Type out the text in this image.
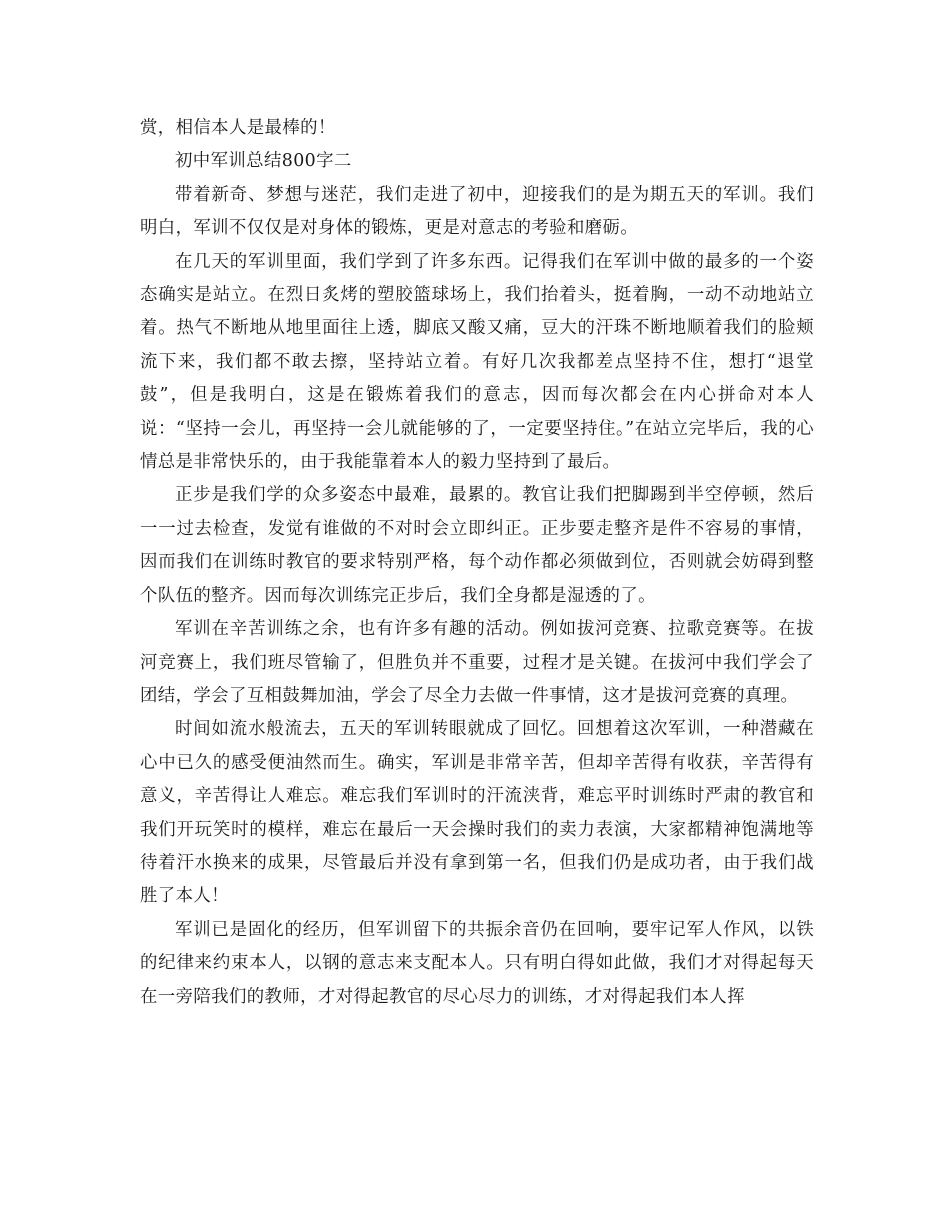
赏，相信本人是最棒的！

初中军训总结800字二

带着新奇、梦想与迷茫，我们走进了初中，迎接我们的是为期五天的军训。我们明白，军训不仅仅是对身体的锻炼，更是对意志的考验和磨砺。

在几天的军训里面，我们学到了许多东西。记得我们在军训中做的最多的一个姿态确实是站立。在烈日炙烤的塑胶篮球场上，我们抬着头，挺着胸，一动不动地站立着。热气不断地从地里面往上透，脚底又酸又痛，豆大的汗珠不断地顺着我们的脸颊流下来，我们都不敢去擦，坚持站立着。有好几次我都差点坚持不住，想打“退堂鼓”，但是我明白，这是在锻炼着我们的意志，因而每次都会在内心拼命对本人说：“坚持一会儿，再坚持一会儿就能够的了，一定要坚持住。”在站立完毕后，我的心情总是非常快乐的，由于我能靠着本人的毅力坚持到了最后。

正步是我们学的众多姿态中最难，最累的。教官让我们把脚踢到半空停顿，然后一一过去检查，发觉有谁做的不对时会立即纠正。正步要走整齐是件不容易的事情，因而我们在训练时教官的要求特别严格，每个动作都必须做到位，否则就会妨碍到整个队伍的整齐。因而每次训练完正步后，我们全身都是湿透的了。

军训在辛苦训练之余，也有许多有趣的活动。例如拔河竞赛、拉歌竞赛等。在拔河竞赛上，我们班尽管输了，但胜负并不重要，过程才是关键。在拔河中我们学会了团结，学会了互相鼓舞加油，学会了尽全力去做一件事情，这才是拔河竞赛的真理。

时间如流水般流去，五天的军训转眼就成了回忆。回想着这次军训，一种潜藏在心中已久的感受便油然而生。确实，军训是非常辛苦，但却辛苦得有收获，辛苦得有意义，辛苦得让人难忘。难忘我们军训时的汗流浃背，难忘平时训练时严肃的教官和我们开玩笑时的模样，难忘在最后一天会操时我们的卖力表演，大家都精神饱满地等待着汗水换来的成果，尽管最后并没有拿到第一名，但我们仍是成功者，由于我们战胜了本人！

军训已是固化的经历，但军训留下的共振余音仍在回响，要牢记军人作风，以铁的纪律来约束本人，以钢的意志来支配本人。只有明白得如此做，我们才对得起每天在一旁陪我们的教师，才对得起教官的尽心尽力的训练，才对得起我们本人挥
